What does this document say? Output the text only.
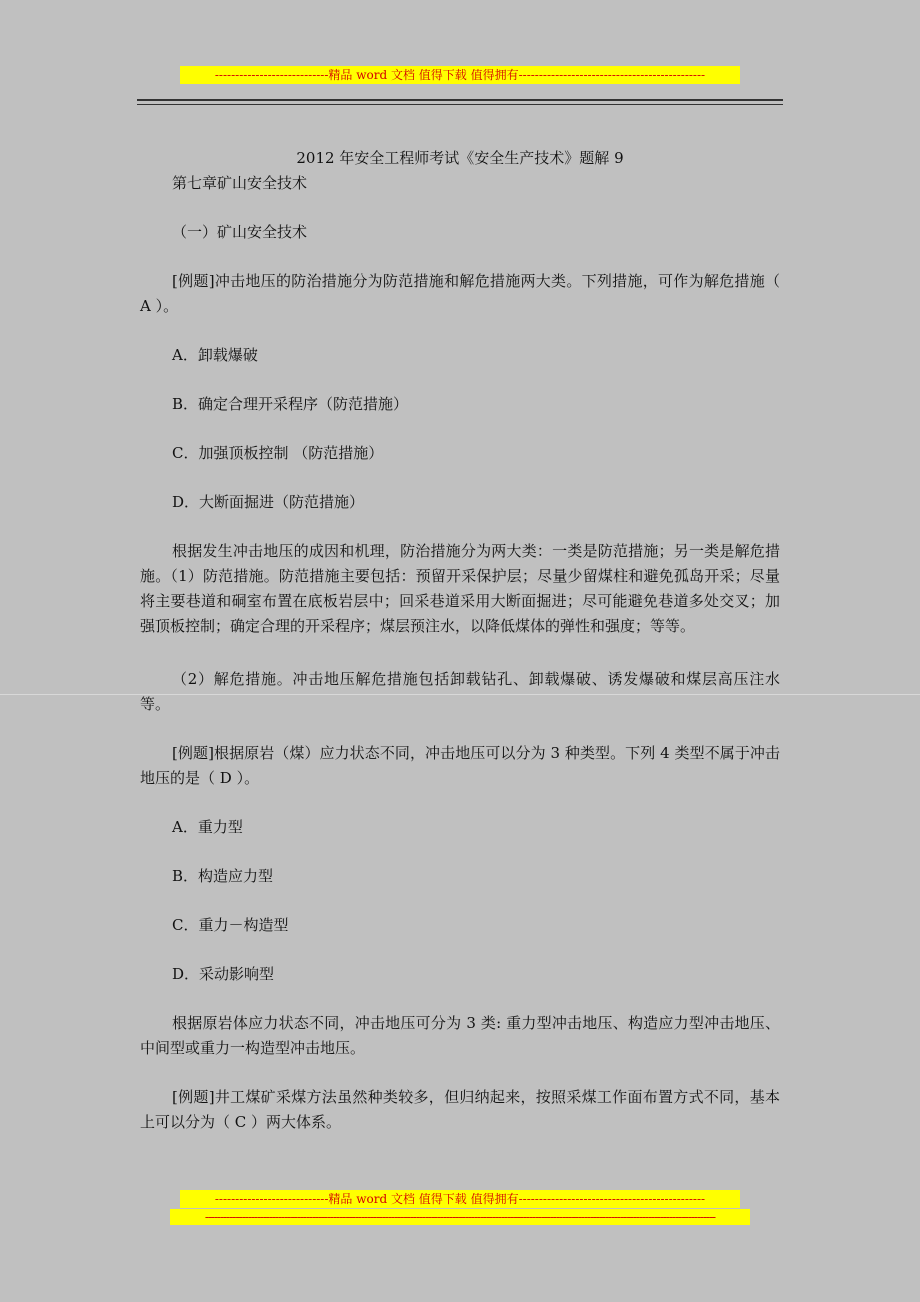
----------------------------精品 word 文档 值得下载 值得拥有----------------------------------------------

2012 年安全工程师考试《安全生产技术》题解 9

第七章矿山安全技术

（一）矿山安全技术

[例题]冲击地压的防治措施分为防范措施和解危措施两大类。下列措施，可作为解危措施（ A ）。

A．卸载爆破

B．确定合理开采程序（防范措施）

C．加强顶板控制 （防范措施）

D．大断面掘进（防范措施）

根据发生冲击地压的成因和机理，防治措施分为两大类：一类是防范措施；另一类是解危措施。（1）防范措施。防范措施主要包括：预留开采保护层；尽量少留煤柱和避免孤岛开采；尽量将主要巷道和硐室布置在底板岩层中；回采巷道采用大断面掘进；尽可能避免巷道多处交叉；加强顶板控制；确定合理的开采程序；煤层预注水，以降低煤体的弹性和强度；等等。

（2）解危措施。冲击地压解危措施包括卸载钻孔、卸载爆破、诱发爆破和煤层高压注水等。

[例题]根据原岩（煤）应力状态不同，冲击地压可以分为 3 种类型。下列 4 类型不属于冲击地压的是（ D ）。

A．重力型

B．构造应力型

C．重力－构造型

D．采动影响型

根据原岩体应力状态不同，冲击地压可分为 3 类: 重力型冲击地压、构造应力型冲击地压、中间型或重力一构造型冲击地压。

[例题]井工煤矿采煤方法虽然种类较多，但归纳起来，按照采煤工作面布置方式不同，基本上可以分为（ C ）两大体系。

----------------------------精品 word 文档 值得下载 值得拥有----------------------------------------------
-----------------------------------------------------------------------------------------------------------------------------------------------------------------------
